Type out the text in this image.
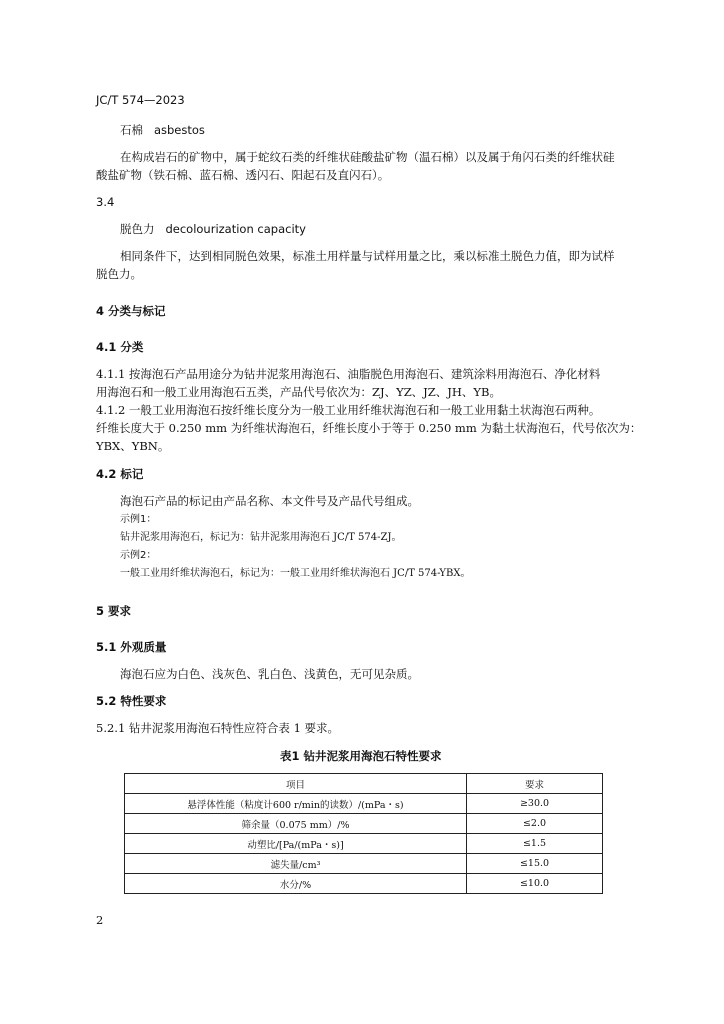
JC/T 574—2023
石棉 asbestos
在构成岩石的矿物中，属于蛇纹石类的纤维状硅酸盐矿物（温石棉）以及属于角闪石类的纤维状硅
酸盐矿物（铁石棉、蓝石棉、透闪石、阳起石及直闪石）。
3.4
脱色力 decolourization capacity
相同条件下，达到相同脱色效果，标准土用样量与试样用量之比，乘以标准土脱色力值，即为试样
脱色力。
4 分类与标记
4.1 分类
4.1.1 按海泡石产品用途分为钻井泥浆用海泡石、油脂脱色用海泡石、建筑涂料用海泡石、净化材料
用海泡石和一般工业用海泡石五类，产品代号依次为：ZJ、YZ、JZ、JH、YB。
4.1.2 一般工业用海泡石按纤维长度分为一般工业用纤维状海泡石和一般工业用黏土状海泡石两种。
纤维长度大于 0.250 mm 为纤维状海泡石，纤维长度小于等于 0.250 mm 为黏土状海泡石，代号依次为：
YBX、YBN。
4.2 标记
海泡石产品的标记由产品名称、本文件号及产品代号组成。
示例1：
钻井泥浆用海泡石，标记为：钻井泥浆用海泡石 JC/T 574-ZJ。
示例2：
一般工业用纤维状海泡石，标记为：一般工业用纤维状海泡石 JC/T 574-YBX。
5 要求
5.1 外观质量
海泡石应为白色、浅灰色、乳白色、浅黄色，无可见杂质。
5.2 特性要求
5.2.1 钻井泥浆用海泡石特性应符合表 1 要求。
表1 钻井泥浆用海泡石特性要求
项目	要求
悬浮体性能（粘度计600 r/min的读数）/(mPa・s)	≥30.0
筛余量（0.075 mm）/%	≤2.0
动塑比/[Pa/(mPa・s)]	≤1.5
滤失量/cm³	≤15.0
水分/%	≤10.0
2
